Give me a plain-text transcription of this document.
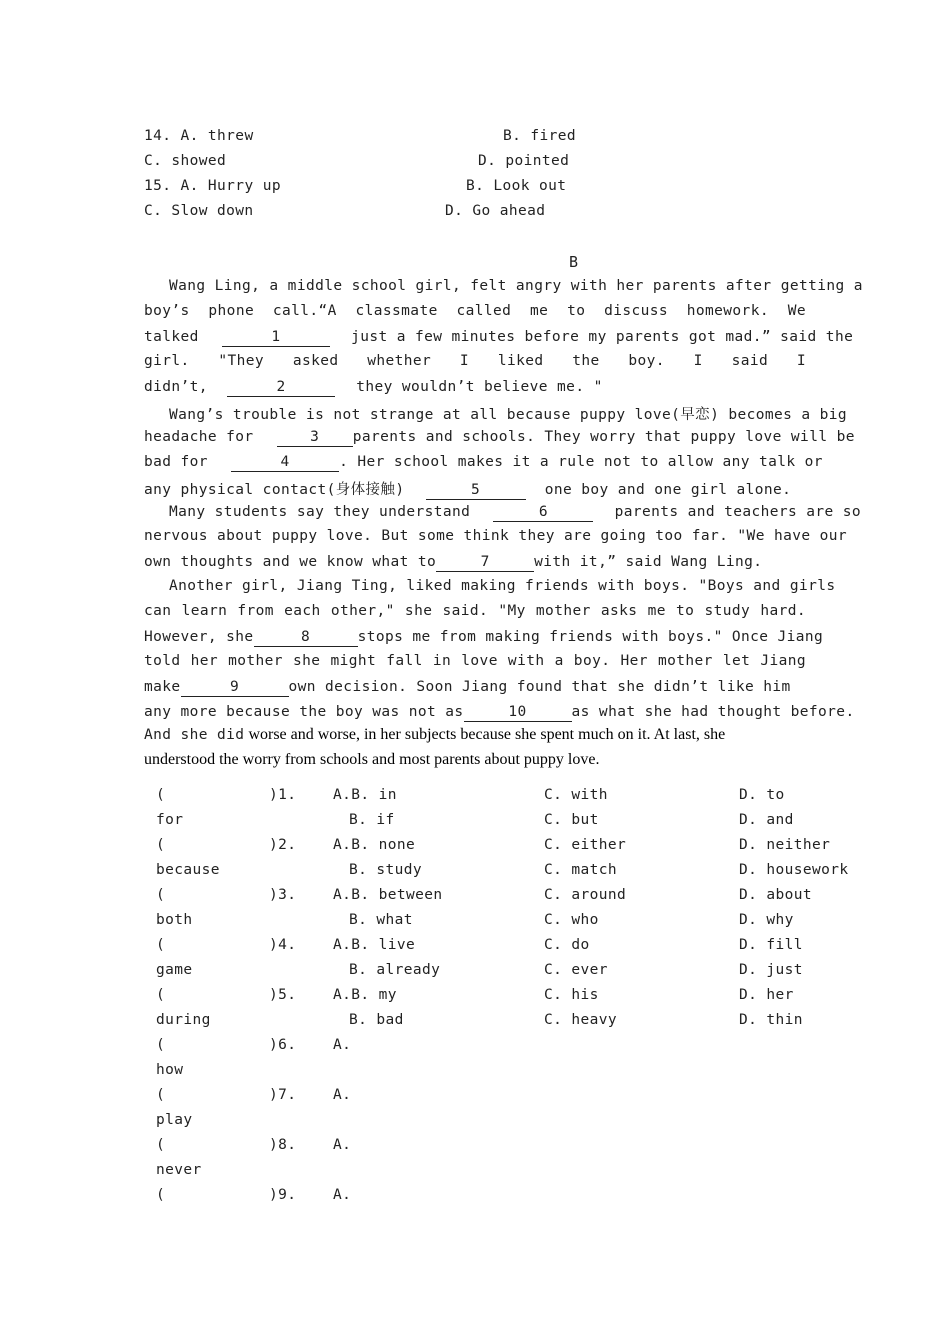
14. A. threw	B. fired
C. showed	D. pointed
15. A. Hurry up	B. Look out
C. Slow down	D. Go ahead
B
Wang Ling, a middle school girl, felt angry with her parents after getting a
boy’s phone call.“A classmate called me to discuss homework. We
talked	1	just a few minutes before my parents got mad.” said the
girl. "They asked whether I liked the boy. I said I
didn’t,	2	they wouldn’t believe me. "
Wang’s trouble is not strange at all because puppy love(早恋) becomes a big
headache for	3 parents and schools. They worry that puppy love will be
bad for	4	. Her school makes it a rule not to allow any talk or
any physical contact(身体接触)	5	one boy and one girl alone.
Many students say they understand	6	parents and teachers are so
nervous about puppy love. But some think they are going too far. "We have our
own thoughts and we know what to	7	with it,” said Wang Ling.
Another girl, Jiang Ting, liked making friends with boys. "Boys and girls
can learn from each other," she said. "My mother asks me to study hard.
However, she	8	stops me from making friends with boys." Once Jiang
told her mother she might fall in love with a boy. Her mother let Jiang
make	9	own decision. Soon Jiang found that she didn’t like him
any more because the boy was not as	10	as what she had thought before.
And she did worse and worse, in her subjects because she spent much on it. At last, she
understood the worry from schools and most parents about puppy love.
(	)1.	A.B. in	C. with	D. to
for	B. if	C. but	D. and
(	)2.	A.B. none	C. either	D. neither
because	B. study	C. match	D. housework
(	)3.	A.B. between	C. around	D. about
both	B. what	C. who	D. why
(	)4.	A.B. live	C. do	D. fill
game	B. already	C. ever	D. just
(	)5.	A.B. my	C. his	D. her
during	B. bad	C. heavy	D. thin
(	)6.	A.
how
(	)7.	A.
play
(	)8.	A.
never
(	)9.	A.
